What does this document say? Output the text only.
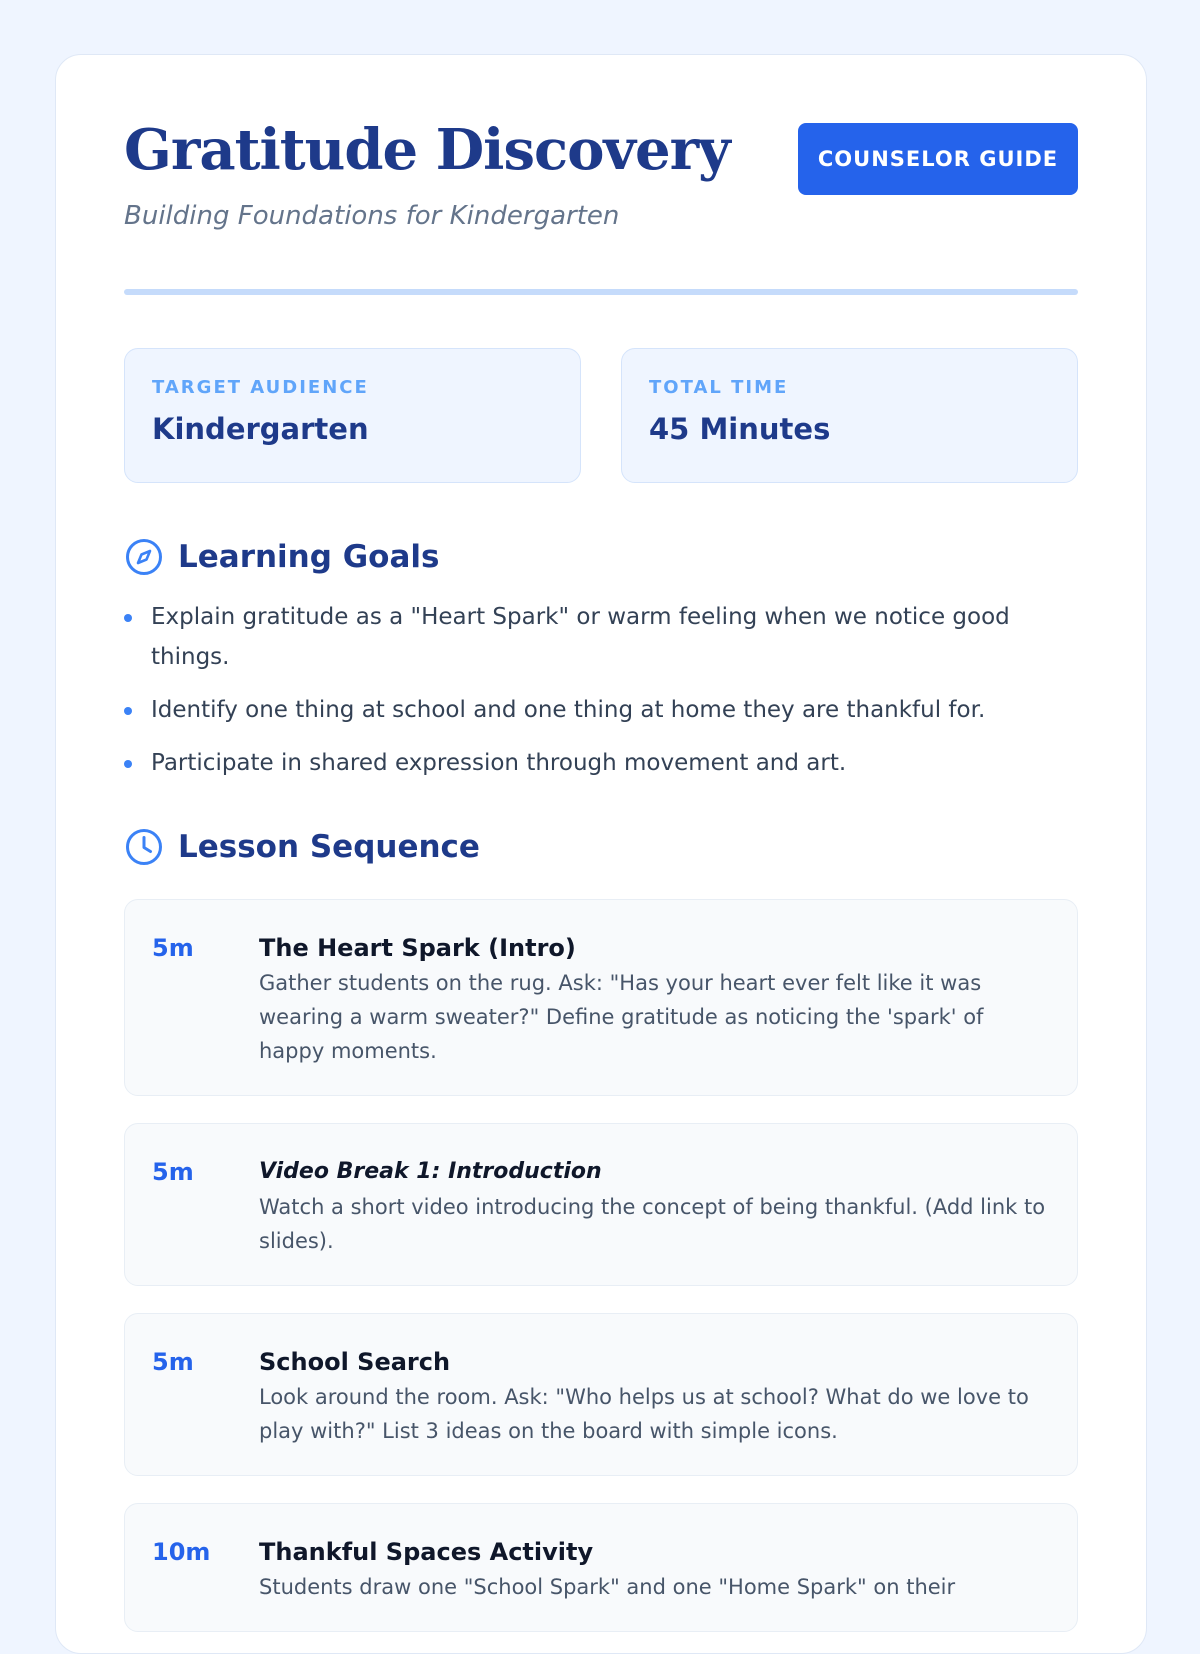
Gratitude Discovery
Building Foundations for Kindergarten
COUNSELOR GUIDE
TARGET AUDIENCE
Kindergarten
TOTAL TIME
45 Minutes
Learning Goals
Explain gratitude as a "Heart Spark" or warm feeling when we notice good things.
Identify one thing at school and one thing at home they are thankful for.
Participate in shared expression through movement and art.
Lesson Sequence
5m	The Heart Spark (Intro)
Gather students on the rug. Ask: "Has your heart ever felt like it was wearing a warm sweater?" Define gratitude as noticing the 'spark' of happy moments.
5m	Video Break 1: Introduction
Watch a short video introducing the concept of being thankful. (Add link to slides).
5m	School Search
Look around the room. Ask: "Who helps us at school? What do we love to play with?" List 3 ideas on the board with simple icons.
10m	Thankful Spaces Activity
Students draw one "School Spark" and one "Home Spark" on their
